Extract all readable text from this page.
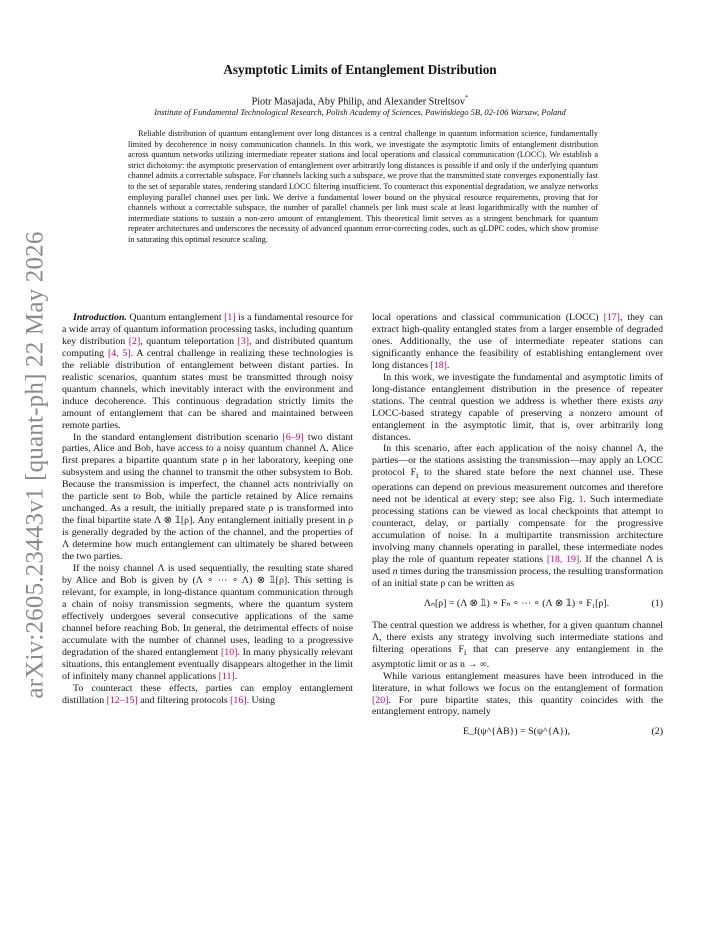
arXiv:2605.23443v1 [quant-ph] 22 May 2026
Asymptotic Limits of Entanglement Distribution
Piotr Masajada, Aby Philip, and Alexander Streltsov*
Institute of Fundamental Technological Research, Polish Academy of Sciences, Pawińskiego 5B, 02-106 Warsaw, Poland
Reliable distribution of quantum entanglement over long distances is a central challenge in quantum information science, fundamentally limited by decoherence in noisy communication channels. In this work, we investigate the asymptotic limits of entanglement distribution across quantum networks utilizing intermediate repeater stations and local operations and classical communication (LOCC). We establish a strict dichotomy: the asymptotic preservation of entanglement over arbitrarily long distances is possible if and only if the underlying quantum channel admits a correctable subspace. For channels lacking such a subspace, we prove that the transmitted state converges exponentially fast to the set of separable states, rendering standard LOCC filtering insufficient. To counteract this exponential degradation, we analyze networks employing parallel channel uses per link. We derive a fundamental lower bound on the physical resource requirements, proving that for channels without a correctable subspace, the number of parallel channels per link must scale at least logarithmically with the number of intermediate stations to sustain a non-zero amount of entanglement. This theoretical limit serves as a stringent benchmark for quantum repeater architectures and underscores the necessity of advanced quantum error-correcting codes, such as qLDPC codes, which show promise in saturating this optimal resource scaling.

Introduction. Quantum entanglement [1] is a fundamental resource for a wide array of quantum information processing tasks, including quantum key distribution [2], quantum teleportation [3], and distributed quantum computing [4, 5]. A central challenge in realizing these technologies is the reliable distribution of entanglement between distant parties. In realistic scenarios, quantum states must be transmitted through noisy quantum channels, which inevitably interact with the environment and induce decoherence. This continuous degradation strictly limits the amount of entanglement that can be shared and maintained between remote parties.

In the standard entanglement distribution scenario [6–9] two distant parties, Alice and Bob, have access to a noisy quantum channel Λ. Alice first prepares a bipartite quantum state ρ in her laboratory, keeping one subsystem and using the channel to transmit the other subsystem to Bob. Because the transmission is imperfect, the channel acts nontrivially on the particle sent to Bob, while the particle retained by Alice remains unchanged. As a result, the initially prepared state ρ is transformed into the final bipartite state Λ ⊗ 𝟙[ρ]. Any entanglement initially present in ρ is generally degraded by the action of the channel, and the properties of Λ determine how much entanglement can ultimately be shared between the two parties.

If the noisy channel Λ is used sequentially, the resulting state shared by Alice and Bob is given by (Λ ∘ ··· ∘ Λ) ⊗ 𝟙[ρ]. This setting is relevant, for example, in long-distance quantum communication through a chain of noisy transmission segments, where the quantum system effectively undergoes several consecutive applications of the same channel before reaching Bob. In general, the detrimental effects of noise accumulate with the number of channel uses, leading to a progressive degradation of the shared entanglement [10]. In many physically relevant situations, this entanglement eventually disappears altogether in the limit of infinitely many channel applications [11].

To counteract these effects, parties can employ entanglement distillation [12–15] and filtering protocols [16]. Using

local operations and classical communication (LOCC) [17], they can extract high-quality entangled states from a larger ensemble of degraded ones. Additionally, the use of intermediate repeater stations can significantly enhance the feasibility of establishing entanglement over long distances [18].

In this work, we investigate the fundamental and asymptotic limits of long-distance entanglement distribution in the presence of repeater stations. The central question we address is whether there exists any LOCC-based strategy capable of preserving a nonzero amount of entanglement in the asymptotic limit, that is, over arbitrarily long distances.

In this scenario, after each application of the noisy channel Λ, the parties—or the stations assisting the transmission—may apply an LOCC protocol $F_i$ to the shared state before the next channel use. These operations can depend on previous measurement outcomes and therefore need not be identical at every step; see also Fig. 1. Such intermediate processing stations can be viewed as local checkpoints that attempt to counteract, delay, or partially compensate for the progressive accumulation of noise. In a multipartite transmission architecture involving many channels operating in parallel, these intermediate nodes play the role of quantum repeater stations [18, 19]. If the channel Λ is used n times during the transmission process, the resulting transformation of an initial state ρ can be written as

Λₙ[ρ] = (Λ ⊗ 𝟙) ∘ Fₙ ∘ ··· ∘ (Λ ⊗ 𝟙) ∘ F₁[ρ].	(1)

The central question we address is whether, for a given quantum channel Λ, there exists any strategy involving such intermediate stations and filtering operations $F_i$ that can preserve any entanglement in the asymptotic limit or as n → ∞.

While various entanglement measures have been introduced in the literature, in what follows we focus on the entanglement of formation [20]. For pure bipartite states, this quantity coincides with the entanglement entropy, namely

E_f(ψ^{AB}) = S(ψ^{A}),	(2)
